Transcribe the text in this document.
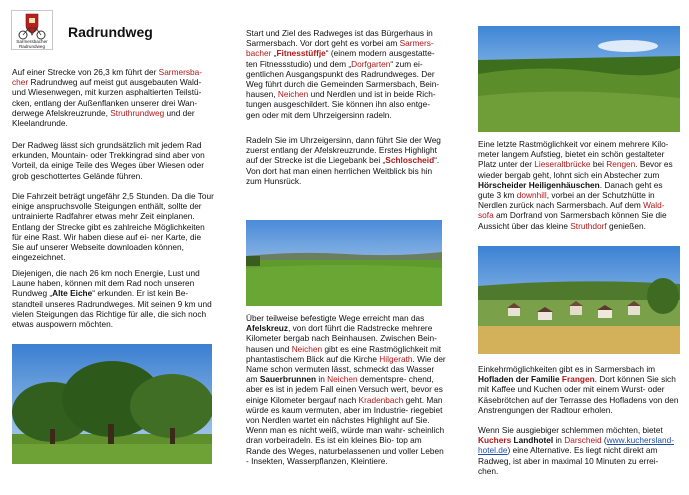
Sarmersbacher
Radrundweg
Radrundweg

Auf einer Strecke von 26,3 km führt der Sarmersba-
cher Radrundweg auf meist gut ausgebauten Wald- und Wiesenwegen, mit kurzen asphaltierten Teilstü- cken, entlang der Außenflanken unserer drei Wan- derwege Afelskreuzrunde, Struthrundweg und der Kleelandrunde.

Der Radweg lässt sich grundsätzlich mit jedem Rad erkunden, Mountain- oder Trekkingrad sind aber von Vorteil, da einige Teile des Weges über Wiesen oder grob geschottertes Gelände führen.

Die Fahrzeit beträgt ungefähr 2,5 Stunden. Da die Tour einige anspruchsvolle Steigungen enthält, sollte der untrainierte Radfahrer etwas mehr Zeit einplanen. Entlang der Strecke gibt es zahlreiche Möglichkeiten für eine Rast. Wir haben diese auf ei- ner Karte, die Sie auf unserer Webseite downloaden können, eingezeichnet.

Diejenigen, die nach 26 km noch Energie, Lust und Laune haben, können mit dem Rad noch unseren Rundweg „Alte Eiche“ erkunden. Er ist kein Be- standteil unseres Radrundweges. Mit seinen 9 km und vielen Steigungen das Richtige für alle, die sich noch etwas auspowern möchten.

Start und Ziel des Radweges ist das Bürgerhaus in Sarmersbach. Vor dort geht es vorbei am Sarmers-
bacher „Fitnesstüffje“ (einem modern ausgestatte- ten Fitnessstudio) und dem „Dorfgarten“ zum ei- gentlichen Ausgangspunkt des Radrundweges. Der Weg führt durch die Gemeinden Sarmersbach, Bein- hausen, Neichen und Nerdlen und ist in beide Rich- tungen ausgeschildert. Sie können ihn also entge- gen oder mit dem Uhrzeigersinn radeln.

Radeln Sie im Uhrzeigersinn, dann führt Sie der Weg zuerst entlang der Afelskreuzrunde. Erstes Highlight auf der Strecke ist die Liegebank bei „Schloscheid“. Von dort hat man einen herrlichen Weitblick bis hin zum Hunsrück.

Über teilweise befestigte Wege erreicht man das Afelskreuz, von dort führt die Radstrecke mehrere Kilometer bergab nach Beinhausen. Zwischen Bein- hausen und Neichen gibt es eine Rastmöglichkeit mit phantastischem Blick auf die Kirche Hilgerath. Wie der Name schon vermuten lässt, schmeckt das Wasser am Sauerbrunnen in Neichen dementspre- chend, aber es ist in jedem Fall einen Versuch wert, bevor es einige Kilometer bergauf nach Kradenbach geht. Man würde es kaum vermuten, aber im Industrie- riegebiet von Nerdlen wartet ein nächstes Highlight auf Sie. Wenn man es nicht weiß, würde man wahr- scheinlich dran vorbeiradeln. Es ist ein kleines Bio- top am Rande des Weges, naturbelassenen und voller Leben - Insekten, Wasserpflanzen, Kleintiere.

Eine letzte Rastmöglichkeit vor einem mehrere Kilo- meter langem Aufstieg, bietet ein schön gestalteter Platz unter der Lieseraltbrücke bei Rengen. Bevor es wieder bergab geht, lohnt sich ein Abstecher zum Hörscheider Heiligenhäuschen. Danach geht es gute 3 km downhill, vorbei an der Schutzhütte in Nerdlen zurück nach Sarmersbach. Auf dem Wald-
sofa am Dorfrand von Sarmersbach können Sie die Aussicht über das kleine Struthdorf genießen.

Einkehrmöglichkeiten gibt es in Sarmersbach im Hofladen der Familie Frangen. Dort können Sie sich mit Kaffee und Kuchen oder mit einem Wurst- oder Käsebrötchen auf der Terrasse des Hofladens von den Anstrengungen der Radtour erholen.

Wenn Sie ausgiebiger schlemmen möchten, bietet Kuchers Landhotel in Darscheid (www.kuchersland-
hotel.de) eine Alternative. Es liegt nicht direkt am Radweg, ist aber in maximal 10 Minuten zu errei- chen.
